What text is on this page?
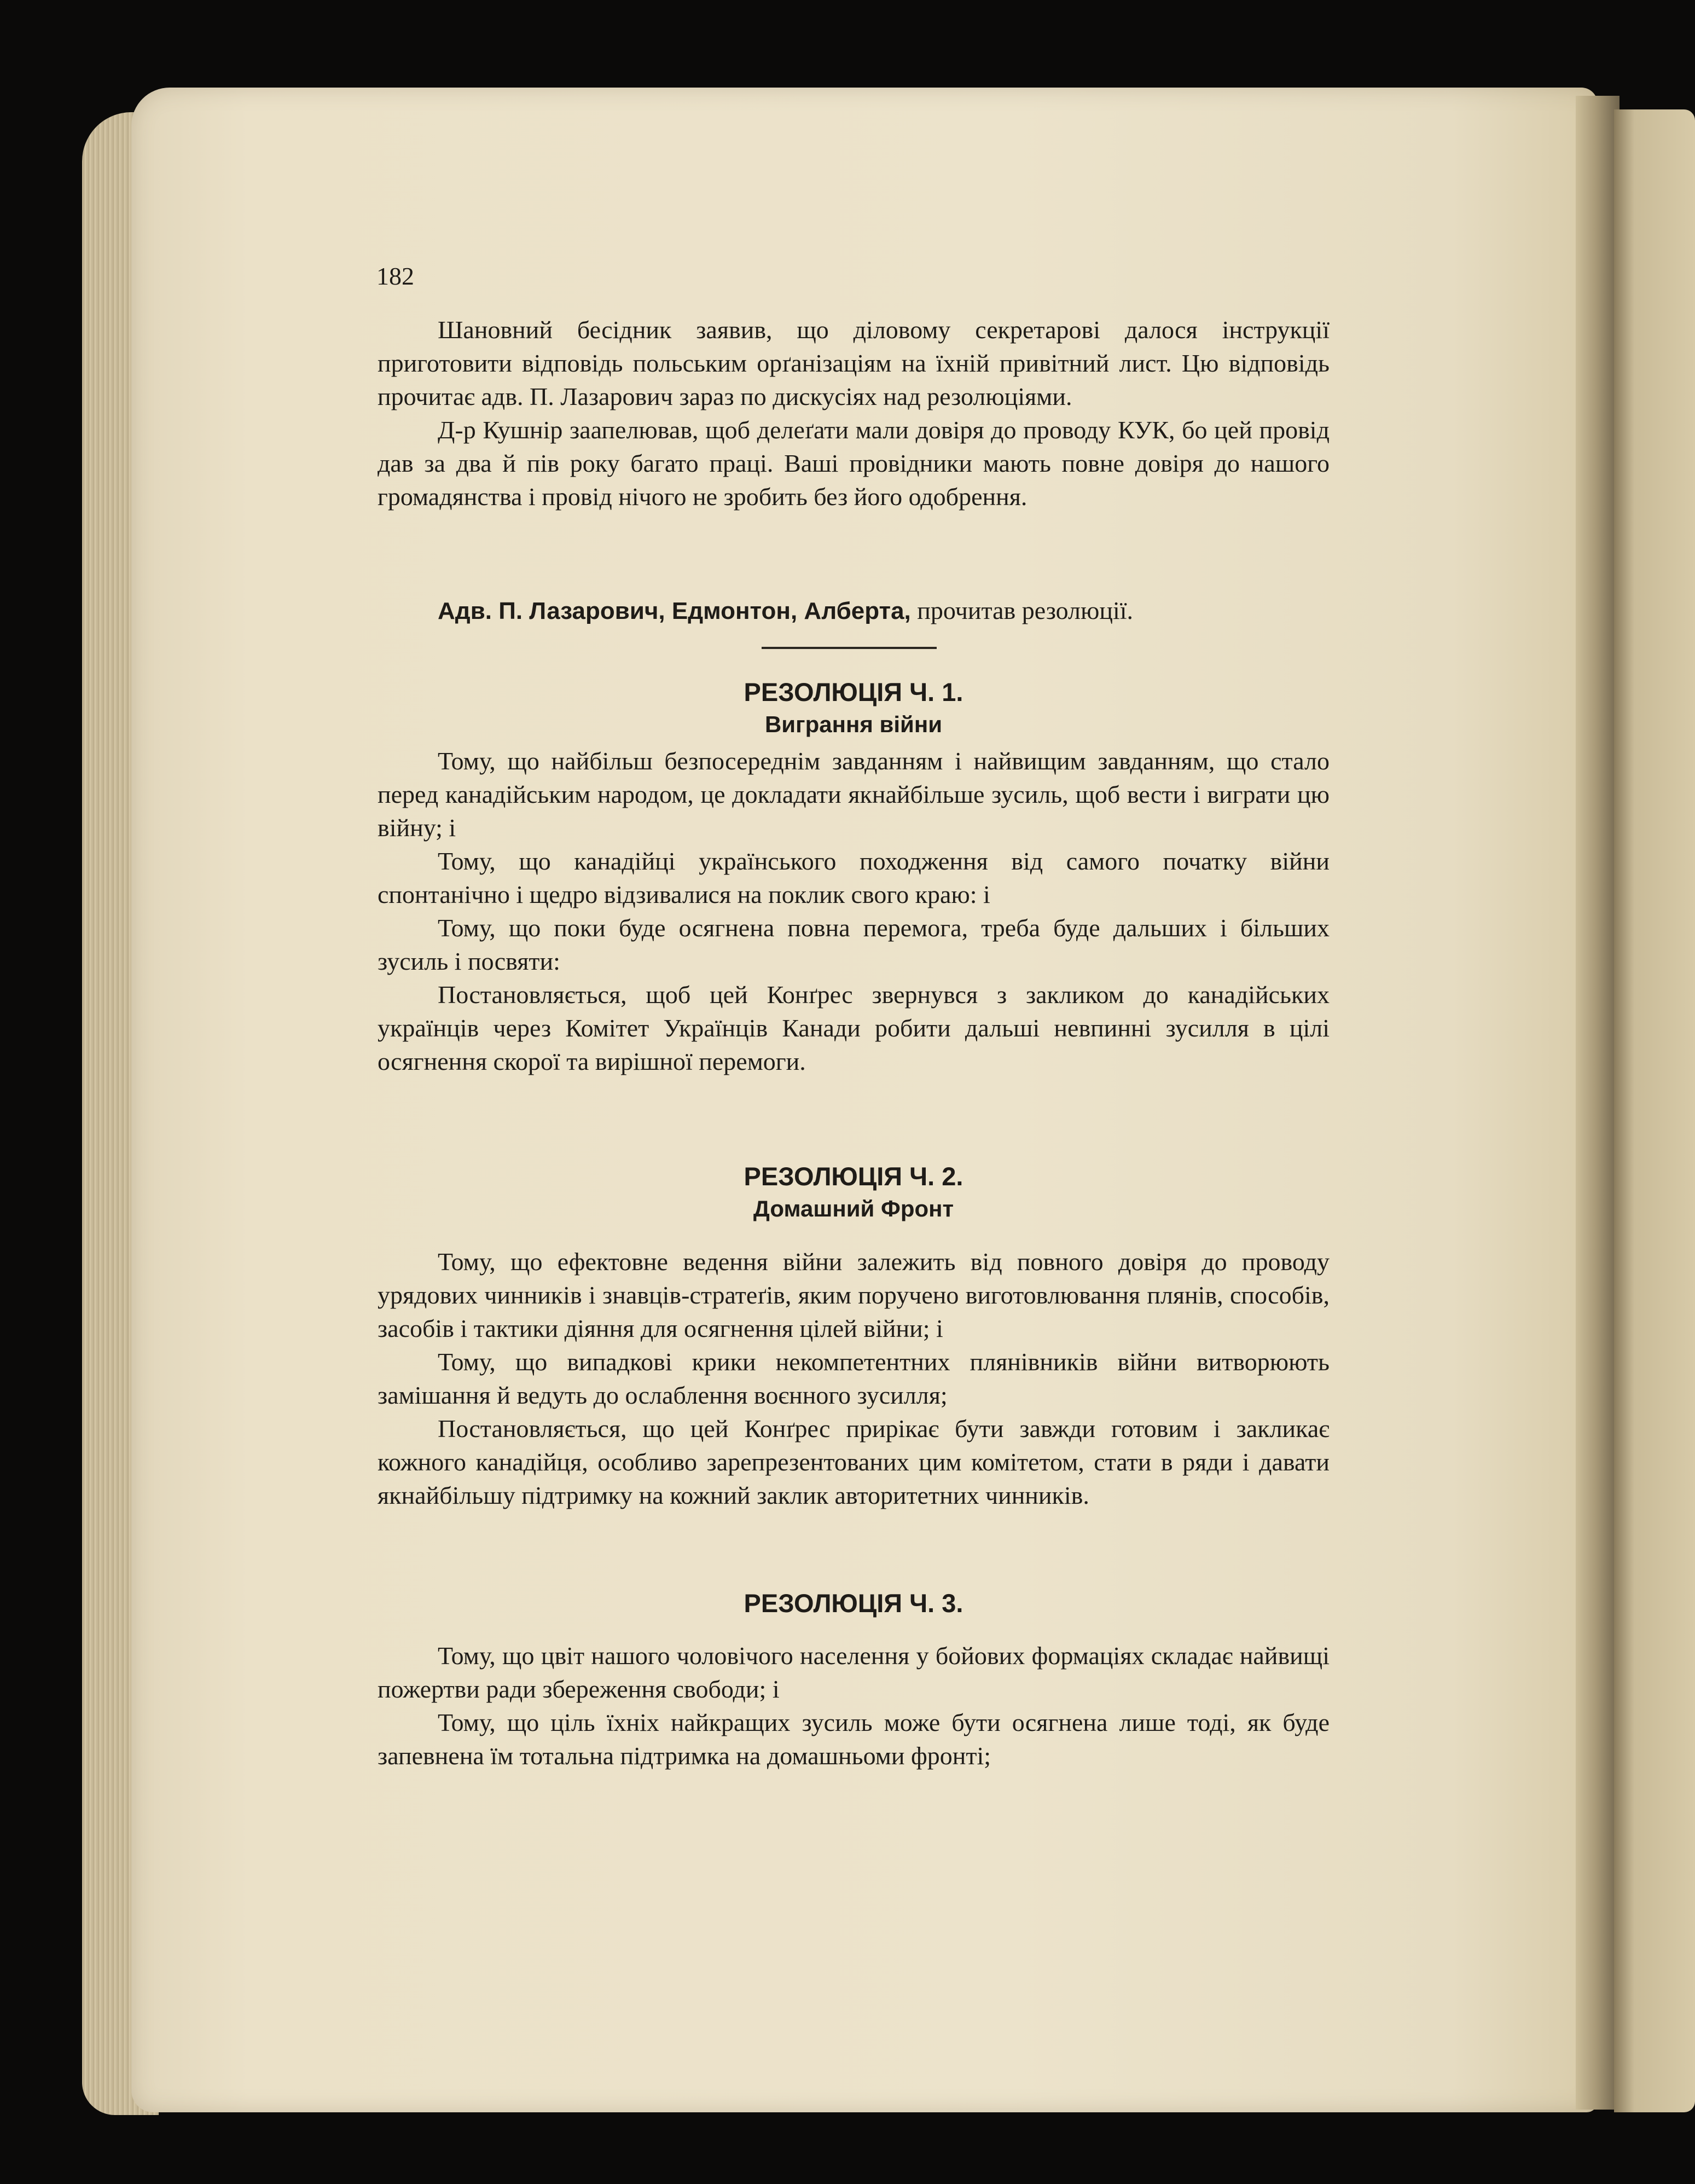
182

Шановний бесідник заявив, що діловому секретарові далося інструкції приготовити відповідь польським орґанізаціям на їхній привітний лист. Цю відповідь прочитає адв. П. Лазарович зараз по дискусіях над резолюціями.

Д-р Кушнір заапелював, щоб делеґати мали довіря до проводу КУК, бо цей провід дав за два й пів року багато праці. Ваші провідники мають повне довіря до нашого громадянства і провід нічого не зробить без його одобрення.

Адв. П. Лазарович, Едмонтон, Алберта, прочитав резолюції.
РЕЗОЛЮЦІЯ Ч. 1.
Виграння війни

Тому, що найбільш безпосереднім завданням і найвищим завданням, що стало перед канадійським народом, це докладати якнайбільше зусиль, щоб вести і виграти цю війну; і

Тому, що канадійці українського походження від самого початку війни спонтанічно і щедро відзивалися на поклик свого краю: і

Тому, що поки буде осягнена повна перемога, треба буде дальших і більших зусиль і посвяти:

Постановляється, щоб цей Конґрес звернувся з закликом до канадійських українців через Комітет Українців Канади робити дальші невпинні зусилля в цілі осягнення скорої та вирішної перемоги.

РЕЗОЛЮЦІЯ Ч. 2.
Домашний Фронт

Тому, що ефектовне ведення війни залежить від повного довіря до проводу урядових чинників і знавців-стратеґів, яким поручено виготовлювання плянів, способів, засобів і тактики діяння для осягнення цілей війни; і

Тому, що випадкові крики некомпетентних плянівників війни витворюють замішання й ведуть до ослаблення воєнного зусилля;

Постановляється, що цей Конґрес прирікає бути завжди готовим і закликає кожного канадійця, особливо зарепрезентованих цим комітетом, стати в ряди і давати якнайбільшу підтримку на кожний заклик авторитетних чинників.

РЕЗОЛЮЦІЯ Ч. 3.

Тому, що цвіт нашого чоловічого населення у бойових формаціях складає найвищі пожертви ради збереження свободи; і

Тому, що ціль їхніх найкращих зусиль може бути осягнена лише тоді, як буде запевнена їм тотальна підтримка на домашньоми фронті;
